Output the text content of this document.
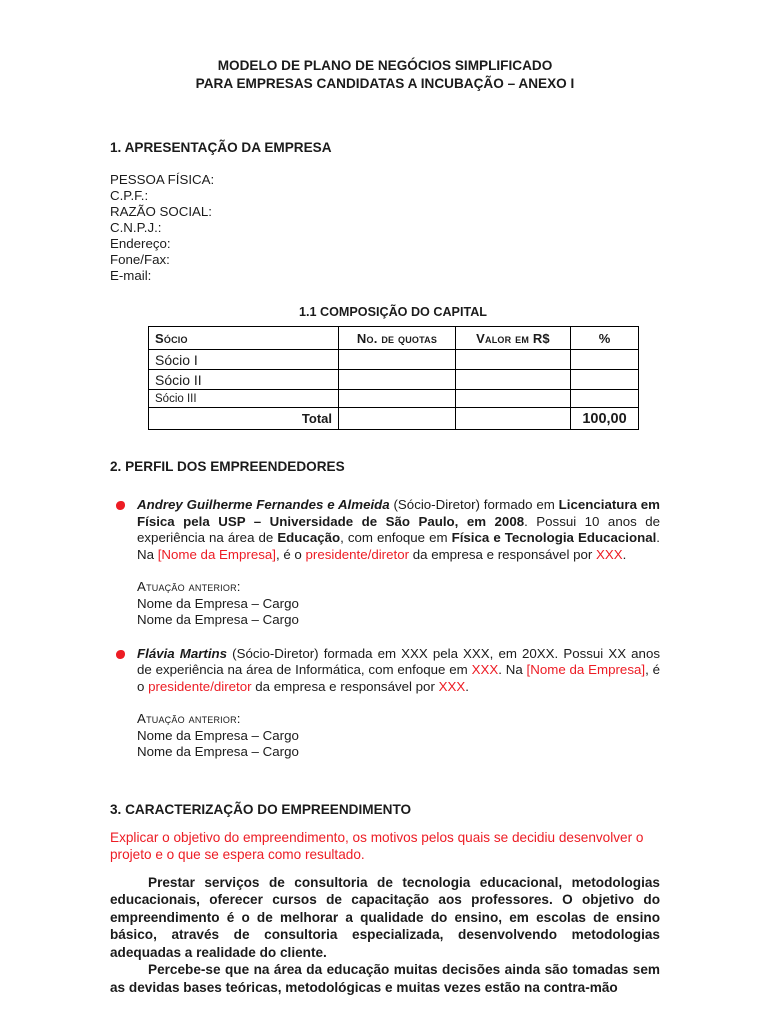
MODELO DE PLANO DE NEGÓCIOS SIMPLIFICADO
PARA EMPRESAS CANDIDATAS A INCUBAÇÃO – ANEXO I
1. APRESENTAÇÃO DA EMPRESA
PESSOA FÍSICA:
C.P.F.:
RAZÃO SOCIAL:
C.N.P.J.:
Endereço:
Fone/Fax:
E-mail:
1.1 COMPOSIÇÃO DO CAPITAL
Sócio	No. de quotas	Valor em R$	%
Sócio I			
Sócio II			
Sócio III			
Total			100,00
2. PERFIL DOS EMPREENDEDORES
Andrey Guilherme Fernandes e Almeida (Sócio-Diretor) formado em Licenciatura em Física pela USP – Universidade de São Paulo, em 2008. Possui 10 anos de experiência na área de Educação, com enfoque em Física e Tecnologia Educacional. Na [Nome da Empresa], é o presidente/diretor da empresa e responsável por XXX.
Atuação anterior:
Nome da Empresa – Cargo
Nome da Empresa – Cargo
Flávia Martins (Sócio-Diretor) formada em XXX pela XXX, em 20XX. Possui XX anos de experiência na área de Informática, com enfoque em XXX. Na [Nome da Empresa], é o presidente/diretor da empresa e responsável por XXX.
Atuação anterior:
Nome da Empresa – Cargo
Nome da Empresa – Cargo
3. CARACTERIZAÇÃO DO EMPREENDIMENTO
Explicar o objetivo do empreendimento, os motivos pelos quais se decidiu desenvolver o projeto e o que se espera como resultado.
Prestar serviços de consultoria de tecnologia educacional, metodologias educacionais, oferecer cursos de capacitação aos professores. O objetivo do empreendimento é o de melhorar a qualidade do ensino, em escolas de ensino básico, através de consultoria especializada, desenvolvendo metodologias adequadas a realidade do cliente.
Percebe-se que na área da educação muitas decisões ainda são tomadas sem as devidas bases teóricas, metodológicas e muitas vezes estão na contra-mão
